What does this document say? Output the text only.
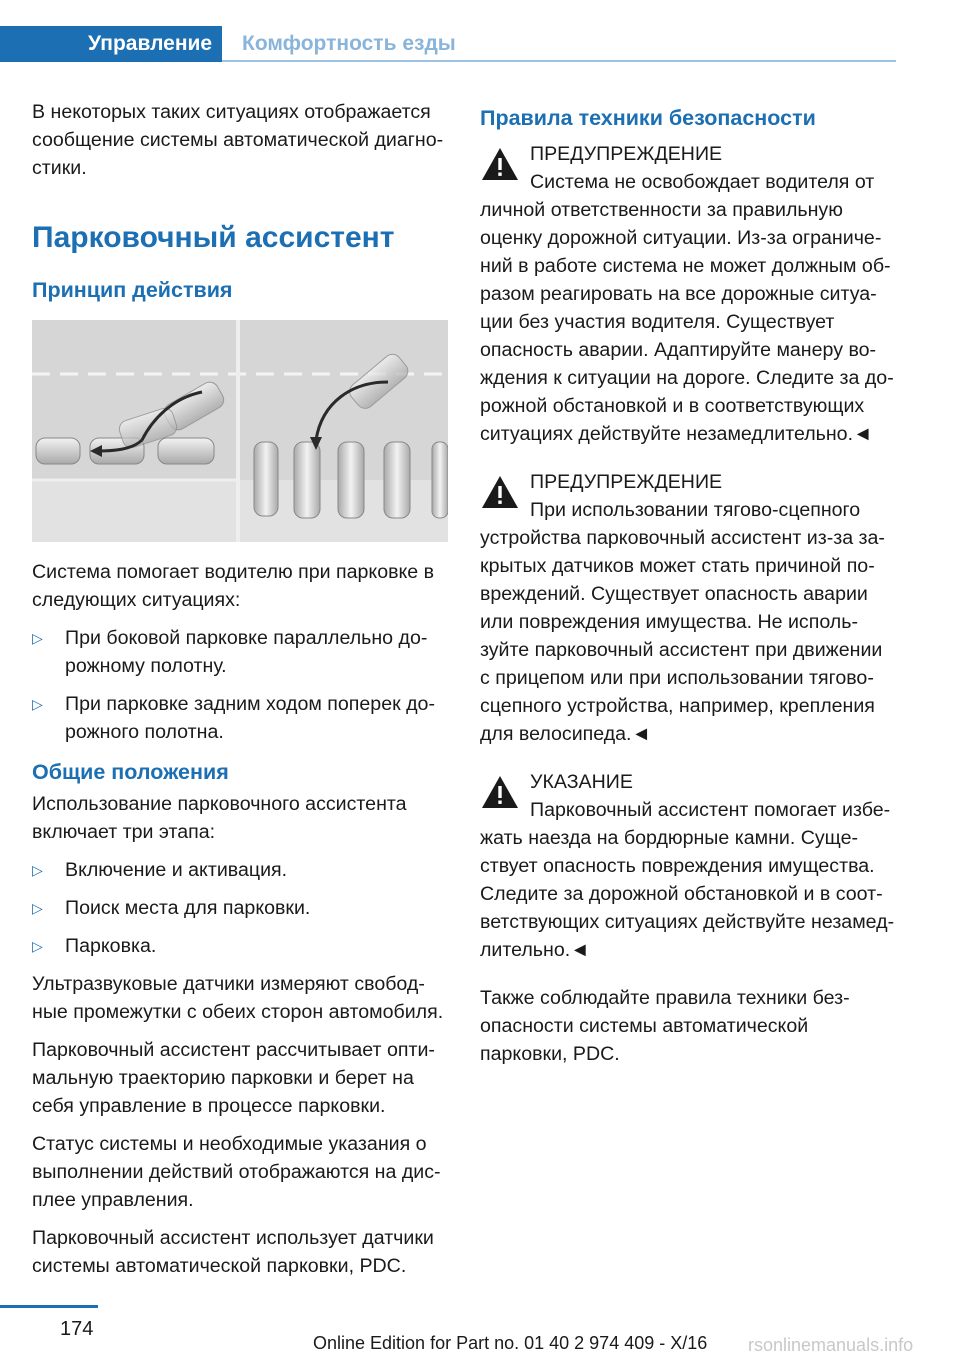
Управление	Комфортность езды

В некоторых таких ситуациях отображается сообщение системы автоматической диагностики.

Парковочный ассистент
Принцип действия

Система помогает водителю при парковке в следующих ситуациях:

▷ При боковой парковке параллельно дорожному полотну.
▷ При парковке задним ходом поперек дорожного полотна.
Общие положения

Использование парковочного ассистента включает три этапа:

▷ Включение и активация.
▷ Поиск места для парковки.
▷ Парковка.

Ультразвуковые датчики измеряют свободные промежутки с обеих сторон автомобиля.

Парковочный ассистент рассчитывает оптимальную траекторию парковки и берет на себя управление в процессе парковки.

Статус системы и необходимые указания о выполнении действий отображаются на дисплее управления.

Парковочный ассистент использует датчики системы автоматической парковки, PDC.

Правила техники безопасности
ПРЕДУПРЕЖДЕНИЕ
Система не освобождает водителя от личной ответственности за правильную оценку дорожной ситуации. Из-за ограничений в работе система не может должным образом реагировать на все дорожные ситуации без участия водителя. Существует опасность аварии. Адаптируйте манеру вождения к ситуации на дороге. Следите за дорожной обстановкой и в соответствующих ситуациях действуйте незамедлительно.◄
ПРЕДУПРЕЖДЕНИЕ
При использовании тягово-сцепного устройства парковочный ассистент из-за закрытых датчиков может стать причиной повреждений. Существует опасность аварии или повреждения имущества. Не используйте парковочный ассистент при движении с прицепом или при использовании тягово-сцепного устройства, например, крепления для велосипеда.◄
УКАЗАНИЕ
Парковочный ассистент помогает избежать наезда на бордюрные камни. Существует опасность повреждения имущества. Следите за дорожной обстановкой и в соответствующих ситуациях действуйте незамедлительно.◄

Также соблюдайте правила техники безопасности системы автоматической парковки, PDC.

174
Online Edition for Part no. 01 40 2 974 409 - X/16 rsonlinemanuals.info
